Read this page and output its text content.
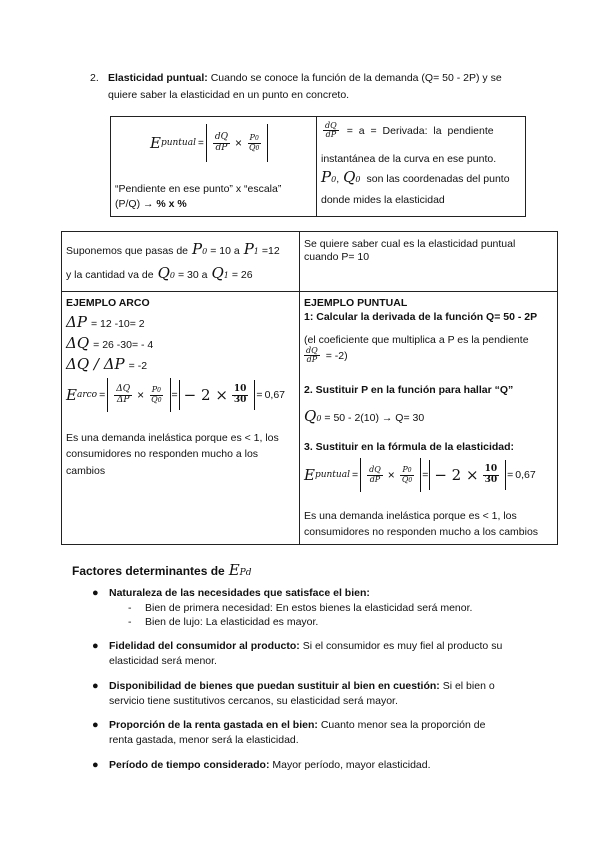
2. Elasticidad puntual: Cuando se conoce la función de la demanda (Q= 50 - 2P) y se
quiere saber la elasticidad en un punto en concreto.
E puntual = $\frac{dQ}{dP} \times \frac{P0}{Q0}$
“Pendiente en ese punto” x “escala”
(P/Q) → % x %
$\frac{dQ}{dP} = a$ = Derivada: la pendiente
instantánea de la curva en ese punto.
P 0 , Q 0 son las coordenadas del punto
donde mides la elasticidad
Suponemos que pasas de P 0 = 10 a P 1 =12
y la cantidad va de Q 0 = 30 a Q 1 = 26
Se quiere saber cual es la elasticidad puntual
cuando P= 10
EJEMPLO ARCO
ΔP = 12 -10= 2
ΔQ = 26 -30= - 4
ΔQ / ΔP = -2
E arco = $\frac{\Delta Q}{\Delta P} \times \frac{P0}{Q0}$ = − $2 \times \frac{10}{30} = 0,67$
Es una demanda inelástica porque es < 1, los
consumidores no responden mucho a los
cambios
EJEMPLO PUNTUAL
1: Calcular la derivada de la función Q= 50 - 2P
(el coeficiente que multiplica a P es la pendiente
$\frac{dQ}{dP} = -2$)
2. Sustituir P en la función para hallar “Q”
Q 0 = 50 - 2(10) → Q= 30
3. Sustituir en la fórmula de la elasticidad:
E puntual = $\frac{dQ}{dP} \times \frac{P0}{Q0}$ = − $2 \times \frac{10}{30} = 0,67$
Es una demanda inelástica porque es < 1, los
consumidores no responden mucho a los cambios
Factores determinantes de E Pd
● Naturaleza de las necesidades que satisface el bien:
- Bien de primera necesidad: En estos bienes la elasticidad será menor.
- Bien de lujo: La elasticidad es mayor.
● Fidelidad del consumidor al producto: Si el consumidor es muy fiel al producto su
elasticidad será menor.
● Disponibilidad de bienes que puedan sustituir al bien en cuestión: Si el bien o
servicio tiene sustitutivos cercanos, su elasticidad será mayor.
● Proporción de la renta gastada en el bien: Cuanto menor sea la proporción de
renta gastada, menor será la elasticidad.
● Período de tiempo considerado: Mayor período, mayor elasticidad.
